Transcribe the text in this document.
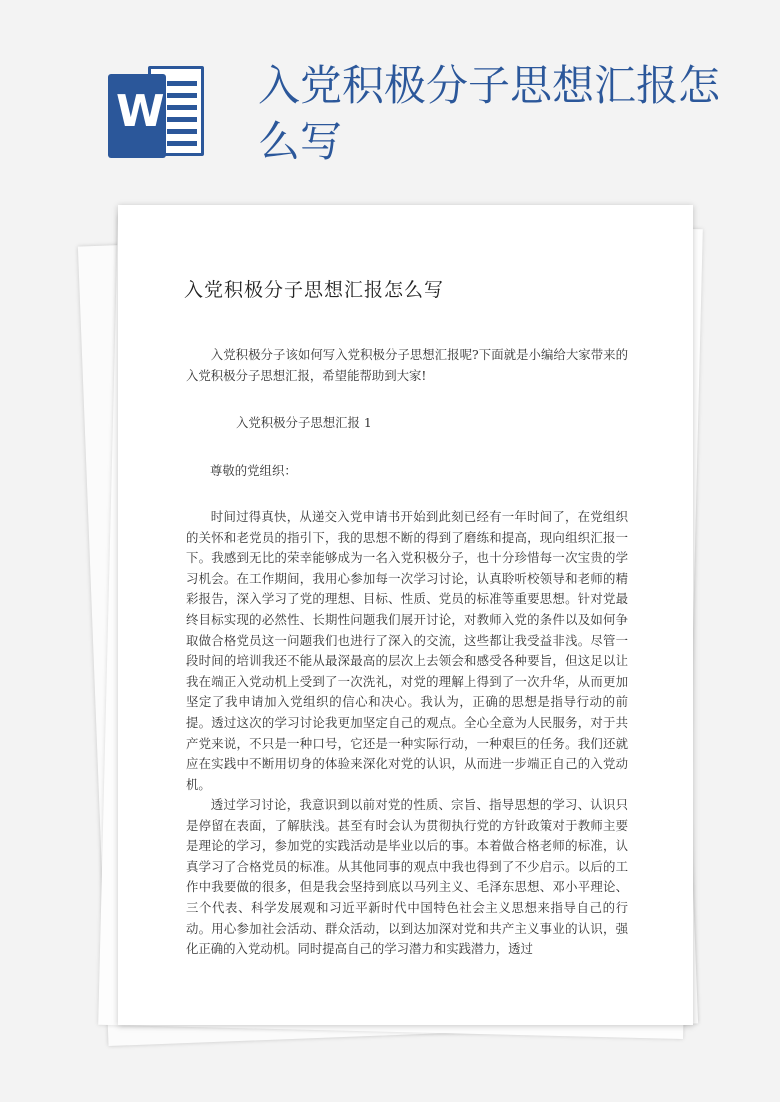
W
入党积极分子思想汇报怎么写
入党积极分子思想汇报怎么写
入党积极分子该如何写入党积极分子思想汇报呢?下面就是小编给大家带来的入党积极分子思想汇报，希望能帮助到大家!
入党积极分子思想汇报 1
尊敬的党组织：
时间过得真快，从递交入党申请书开始到此刻已经有一年时间了，在党组织的关怀和老党员的指引下，我的思想不断的得到了磨练和提高，现向组织汇报一下。我感到无比的荣幸能够成为一名入党积极分子，也十分珍惜每一次宝贵的学习机会。在工作期间，我用心参加每一次学习讨论，认真聆听校领导和老师的精彩报告，深入学习了党的理想、目标、性质、党员的标准等重要思想。针对党最终目标实现的必然性、长期性问题我们展开讨论，对教师入党的条件以及如何争取做合格党员这一问题我们也进行了深入的交流，这些都让我受益非浅。尽管一段时间的培训我还不能从最深最高的层次上去领会和感受各种要旨，但这足以让我在端正入党动机上受到了一次洗礼，对党的理解上得到了一次升华，从而更加坚定了我申请加入党组织的信心和决心。我认为，正确的思想是指导行动的前提。透过这次的学习讨论我更加坚定自己的观点。全心全意为人民服务，对于共产党来说，不只是一种口号，它还是一种实际行动，一种艰巨的任务。我们还就应在实践中不断用切身的体验来深化对党的认识，从而进一步端正自己的入党动机。
透过学习讨论，我意识到以前对党的性质、宗旨、指导思想的学习、认识只是停留在表面，了解肤浅。甚至有时会认为贯彻执行党的方针政策对于教师主要是理论的学习，参加党的实践活动是毕业以后的事。本着做合格老师的标准，认真学习了合格党员的标准。从其他同事的观点中我也得到了不少启示。以后的工作中我要做的很多，但是我会坚持到底以马列主义、毛泽东思想、邓小平理论、三个代表、科学发展观和习近平新时代中国特色社会主义思想来指导自己的行动。用心参加社会活动、群众活动，以到达加深对党和共产主义事业的认识，强化正确的入党动机。同时提高自己的学习潜力和实践潜力，透过
